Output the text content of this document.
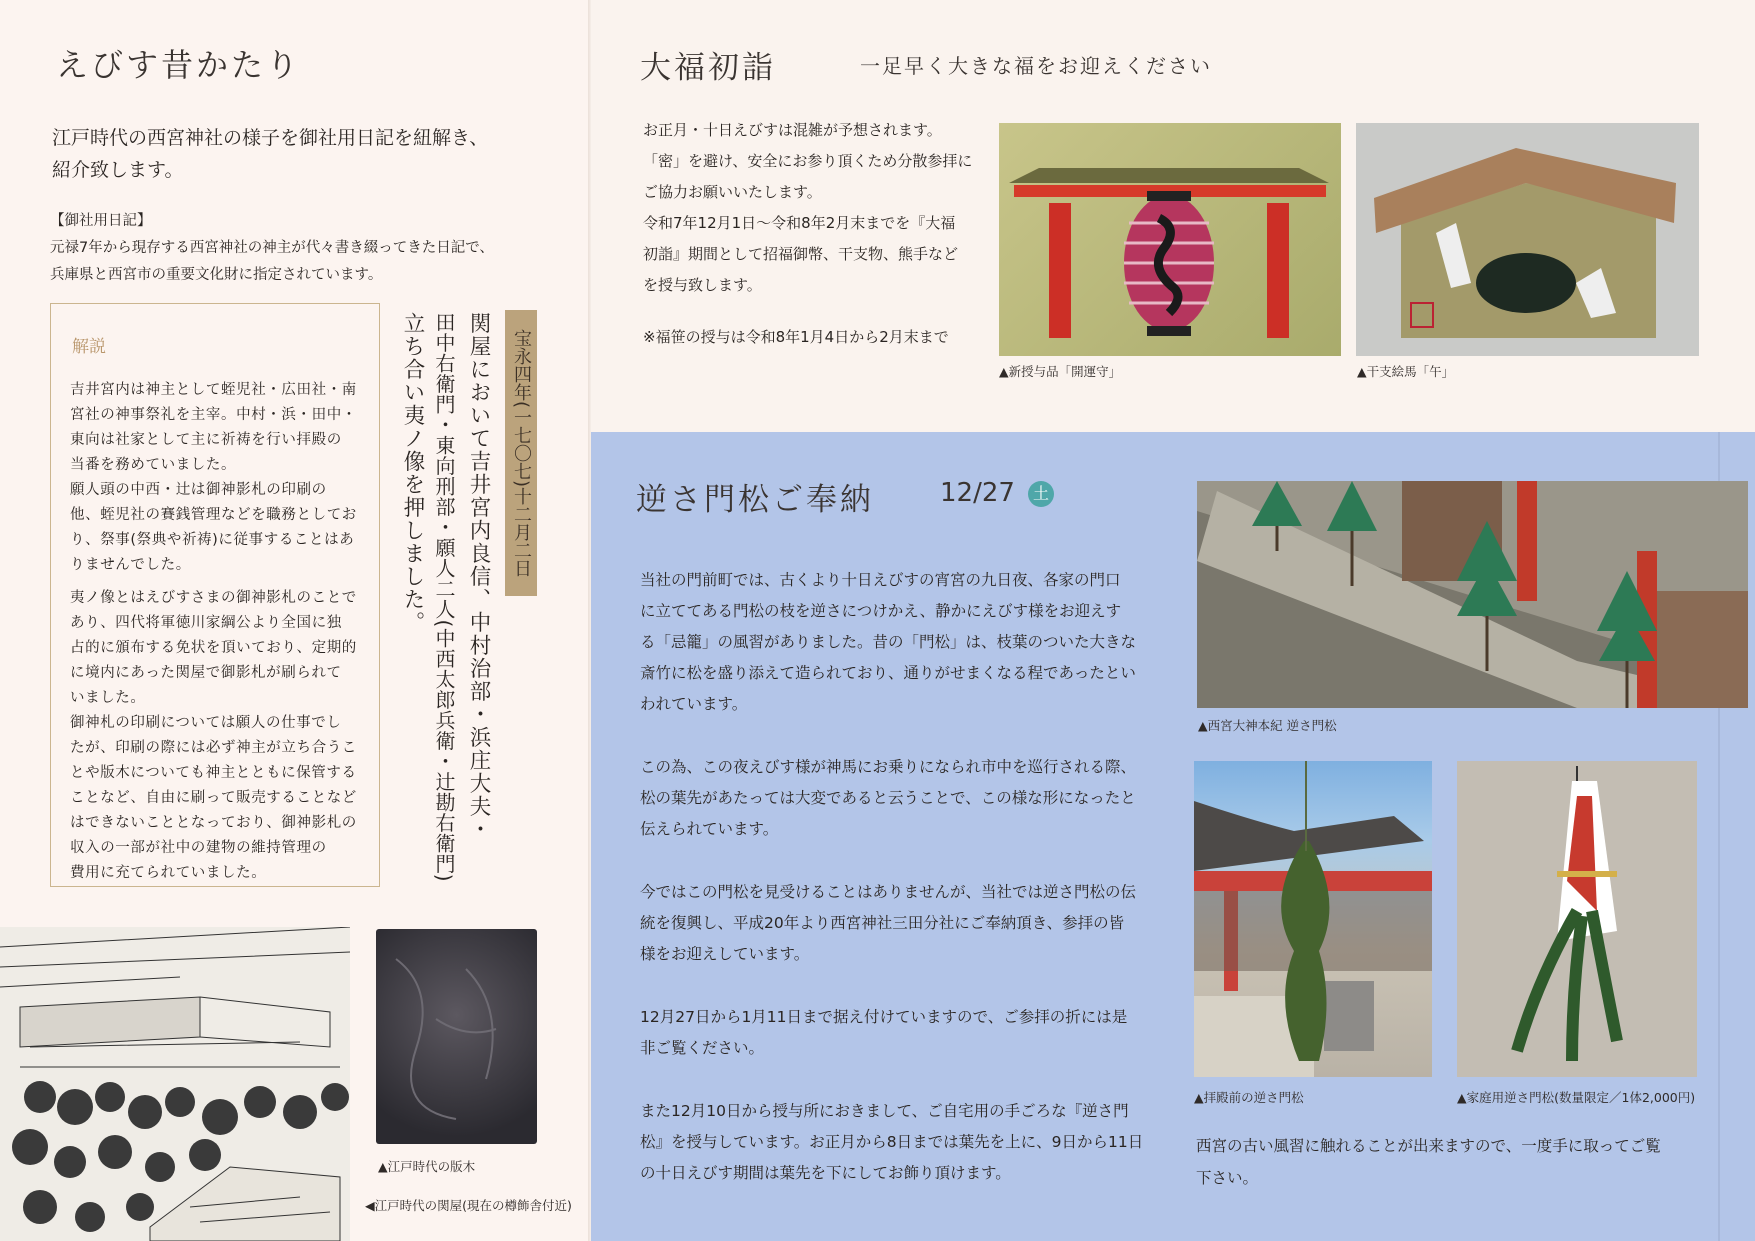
えびす昔かたり
江戸時代の西宮神社の様子を御社用日記を紐解き、
紹介致します。
【御社用日記】
元禄7年から現存する西宮神社の神主が代々書き綴ってきた日記で、
兵庫県と西宮市の重要文化財に指定されています。
解説
吉井宮内は神主として蛭児社・広田社・南
宮社の神事祭礼を主宰。中村・浜・田中・
東向は社家として主に祈祷を行い拝殿の
当番を務めていました。
願人頭の中西・辻は御神影札の印刷の
他、蛭児社の賽銭管理などを職務としてお
り、祭事(祭典や祈祷)に従事することはあ
りませんでした。
夷ノ像とはえびすさまの御神影札のことで
あり、四代将軍徳川家綱公より全国に独
占的に頒布する免状を頂いており、定期的
に境内にあった関屋で御影札が刷られて
いました。
御神札の印刷については願人の仕事でし
たが、印刷の際には必ず神主が立ち合うこ
とや版木についても神主とともに保管する
ことなど、自由に刷って販売することなど
はできないこととなっており、御神影札の
収入の一部が社中の建物の維持管理の
費用に充てられていました。
宝永四年(一七〇七)十二月二日
関屋において吉井宮内良信、中村治部・浜庄大夫・
田中右衛門・東向刑部・願人二人(中西太郎兵衛・辻勘右衛門)
立ち合い夷ノ像を押しました。
▲江戸時代の版木
◀江戸時代の関屋(現在の樽飾舎付近)
大福初詣	一足早く大きな福をお迎えください
お正月・十日えびすは混雑が予想されます。
「密」を避け、安全にお参り頂くため分散参拝に
ご協力お願いいたします。
令和7年12月1日～令和8年2月末までを『大福
初詣』期間として招福御幣、干支物、熊手など
を授与致します。
※福笹の授与は令和8年1月4日から2月末まで
▲新授与品「開運守」	▲干支絵馬「午」
逆さ門松ご奉納	12/27	土
当社の門前町では、古くより十日えびすの宵宮の九日夜、各家の門口
に立ててある門松の枝を逆さにつけかえ、静かにえびす様をお迎えす
る「忌籠」の風習がありました。昔の「門松」は、枝葉のついた大きな
斎竹に松を盛り添えて造られており、通りがせまくなる程であったとい
われています。
この為、この夜えびす様が神馬にお乗りになられ市中を巡行される際、
松の葉先があたっては大変であると云うことで、この様な形になったと
伝えられています。
今ではこの門松を見受けることはありませんが、当社では逆さ門松の伝
統を復興し、平成20年より西宮神社三田分社にご奉納頂き、参拝の皆
様をお迎えしています。
12月27日から1月11日まで据え付けていますので、ご参拝の折には是
非ご覧ください。
また12月10日から授与所におきまして、ご自宅用の手ごろな『逆さ門
松』を授与しています。お正月から8日までは葉先を上に、9日から11日
の十日えびす期間は葉先を下にしてお飾り頂けます。
▲西宮大神本紀 逆さ門松
▲拝殿前の逆さ門松	▲家庭用逆さ門松(数量限定／1体2,000円)
西宮の古い風習に触れることが出来ますので、一度手に取ってご覧
下さい。
